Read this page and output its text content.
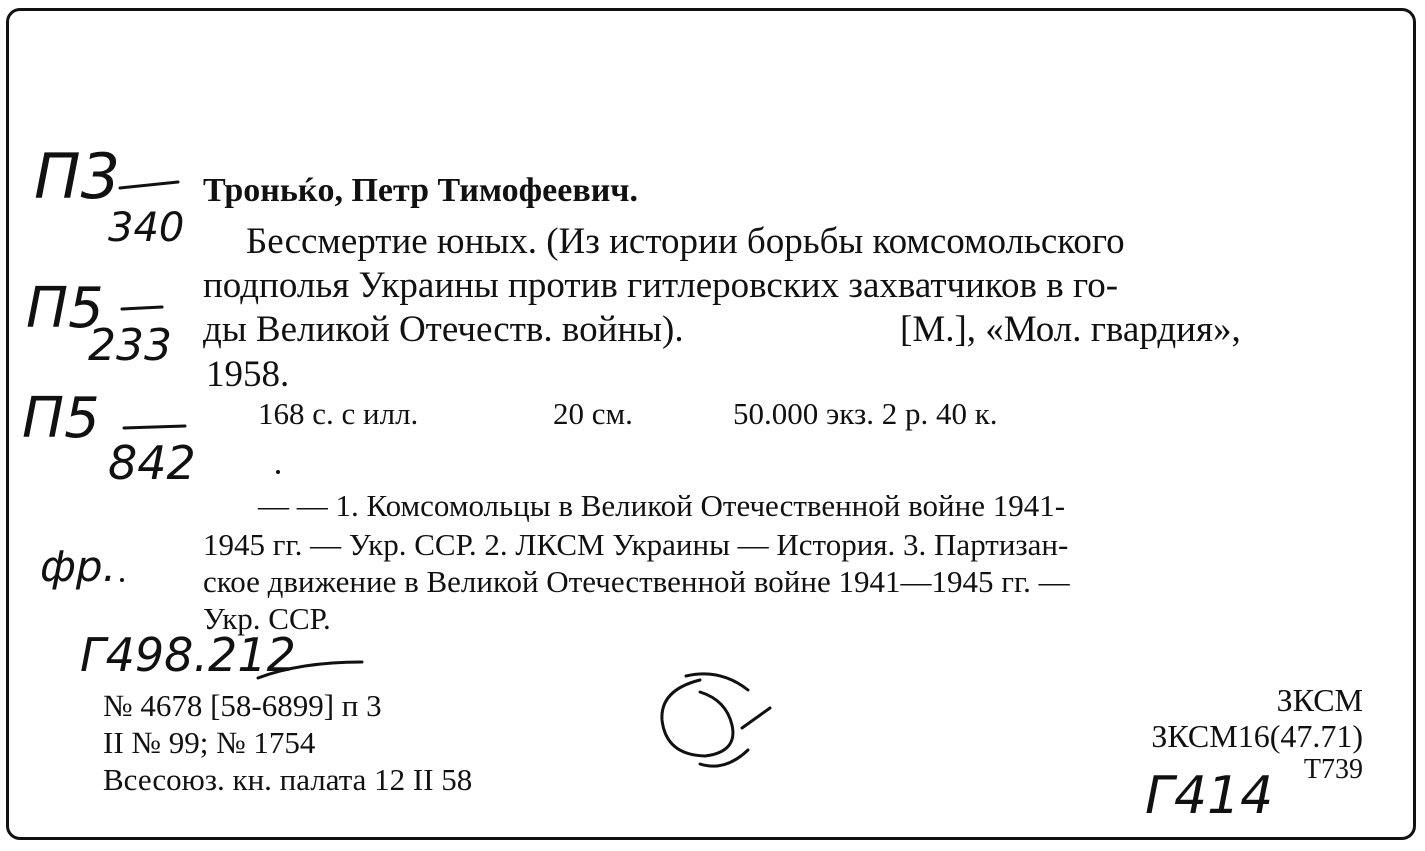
Троньќо, Петр Тимофеевич.
Бессмертие юных. (Из истории борьбы комсомольского
подполья Украины против гитлеровских захватчиков в го-
ды Великой Отечеств. войны).	[М.], «Мол. гвардия»,
1958.
168 с. с илл.	20 см.	50.000 экз. 2 р. 40 к.
— — 1. Комсомольцы в Великой Отечественной войне 1941-
1945 гг. — Укр. ССР. 2. ЛКСМ Украины — История. 3. Партизан-
ское движение в Великой Отечественной войне 1941—1945 гг. —
Укр. ССР.
№ 4678 [58-6899] п 3
II № 99; № 1754
Всесоюз. кн. палата 12 II 58
ЗКСМ
ЗКСМ16(47.71)
Т739
П3
340
П5
233
П5
842
фр.
Г498.212
Г414
